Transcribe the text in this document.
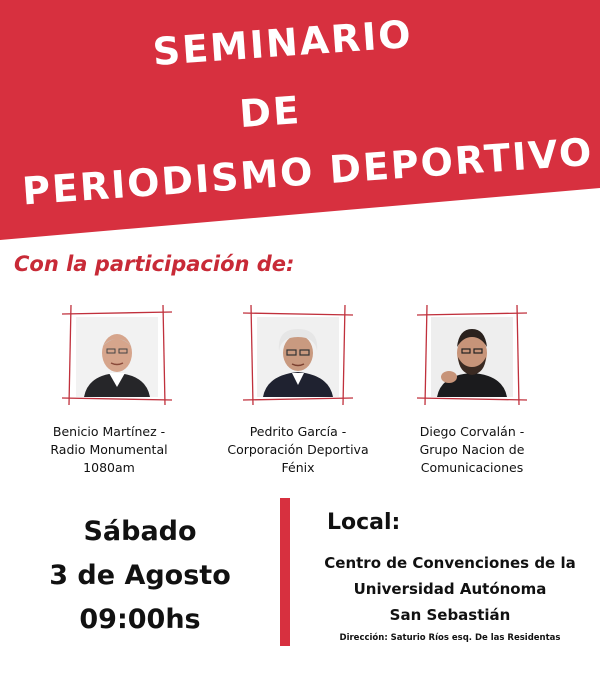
SEMINARIO
DE
PERIODISMO DEPORTIVO
Con la participación de:
Benicio Martínez -
Radio Monumental
1080am
Pedrito García -
Corporación Deportiva
Fénix
Diego Corvalán -
Grupo Nacion de
Comunicaciones
Sábado
3 de Agosto
09:00hs
Local:
Centro de Convenciones de la
Universidad Autónoma
San Sebastián
Dirección: Saturio Ríos esq. De las Residentas
